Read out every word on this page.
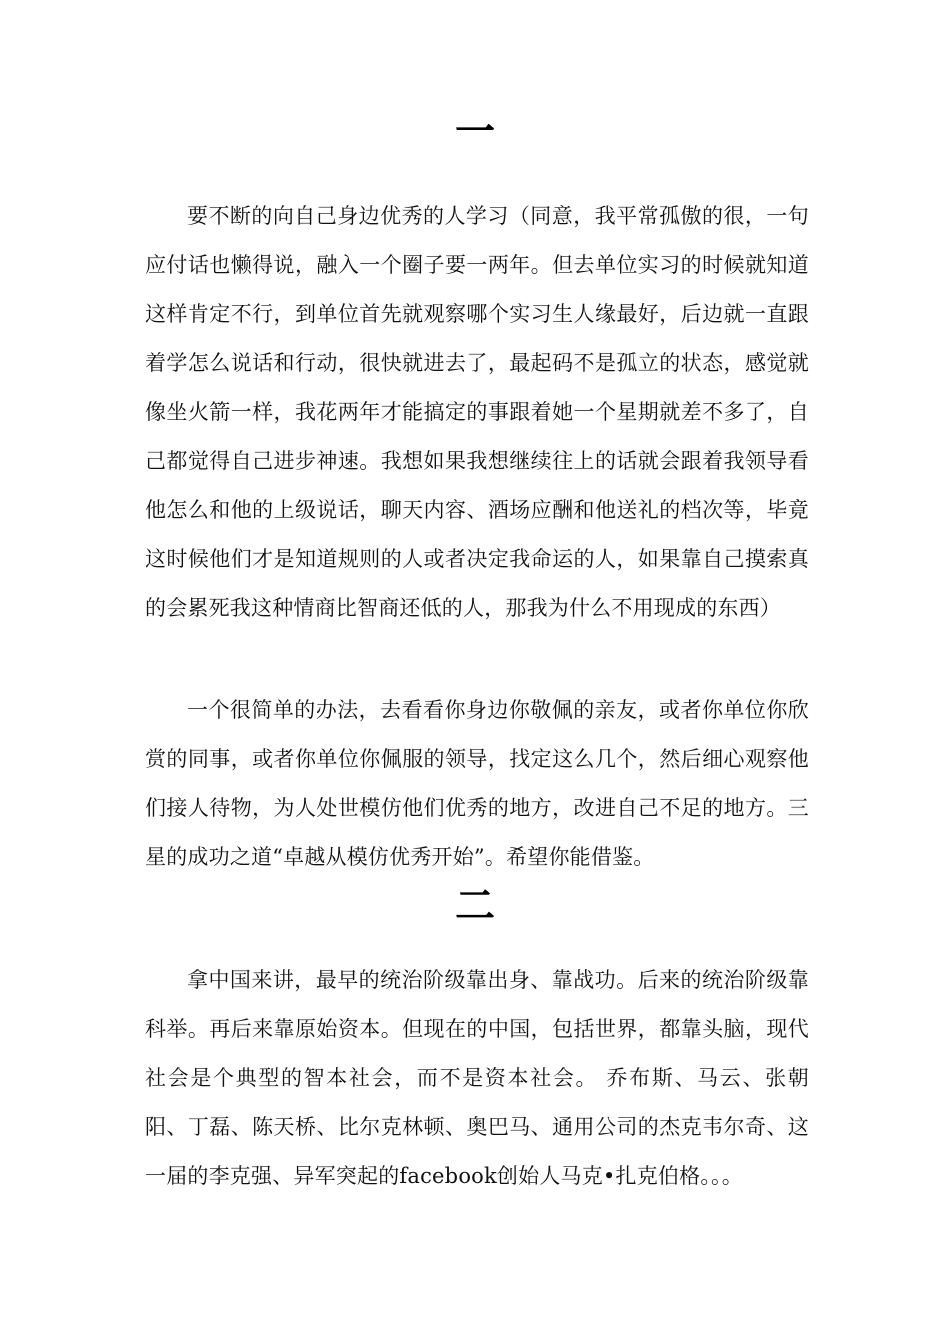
一

要不断的向自己身边优秀的人学习（同意，我平常孤傲的很，一句应付话也懒得说，融入一个圈子要一两年。但去单位实习的时候就知道这样肯定不行，到单位首先就观察哪个实习生人缘最好，后边就一直跟着学怎么说话和行动，很快就进去了，最起码不是孤立的状态，感觉就像坐火箭一样，我花两年才能搞定的事跟着她一个星期就差不多了，自己都觉得自己进步神速。我想如果我想继续往上的话就会跟着我领导看他怎么和他的上级说话，聊天内容、酒场应酬和他送礼的档次等，毕竟这时候他们才是知道规则的人或者决定我命运的人，如果靠自己摸索真的会累死我这种情商比智商还低的人，那我为什么不用现成的东西）

一个很简单的办法，去看看你身边你敬佩的亲友，或者你单位你欣赏的同事，或者你单位你佩服的领导，找定这么几个，然后细心观察他们接人待物，为人处世模仿他们优秀的地方，改进自己不足的地方。三星的成功之道“卓越从模仿优秀开始”。希望你能借鉴。

二

拿中国来讲，最早的统治阶级靠出身、靠战功。后来的统治阶级靠科举。再后来靠原始资本。但现在的中国，包括世界，都靠头脑，现代社会是个典型的智本社会，而不是资本社会。 乔布斯、马云、张朝阳、丁磊、陈天桥、比尔克林顿、奥巴马、通用公司的杰克韦尔奇、这一届的李克强、异军突起的facebook创始人马克•扎克伯格。。。
